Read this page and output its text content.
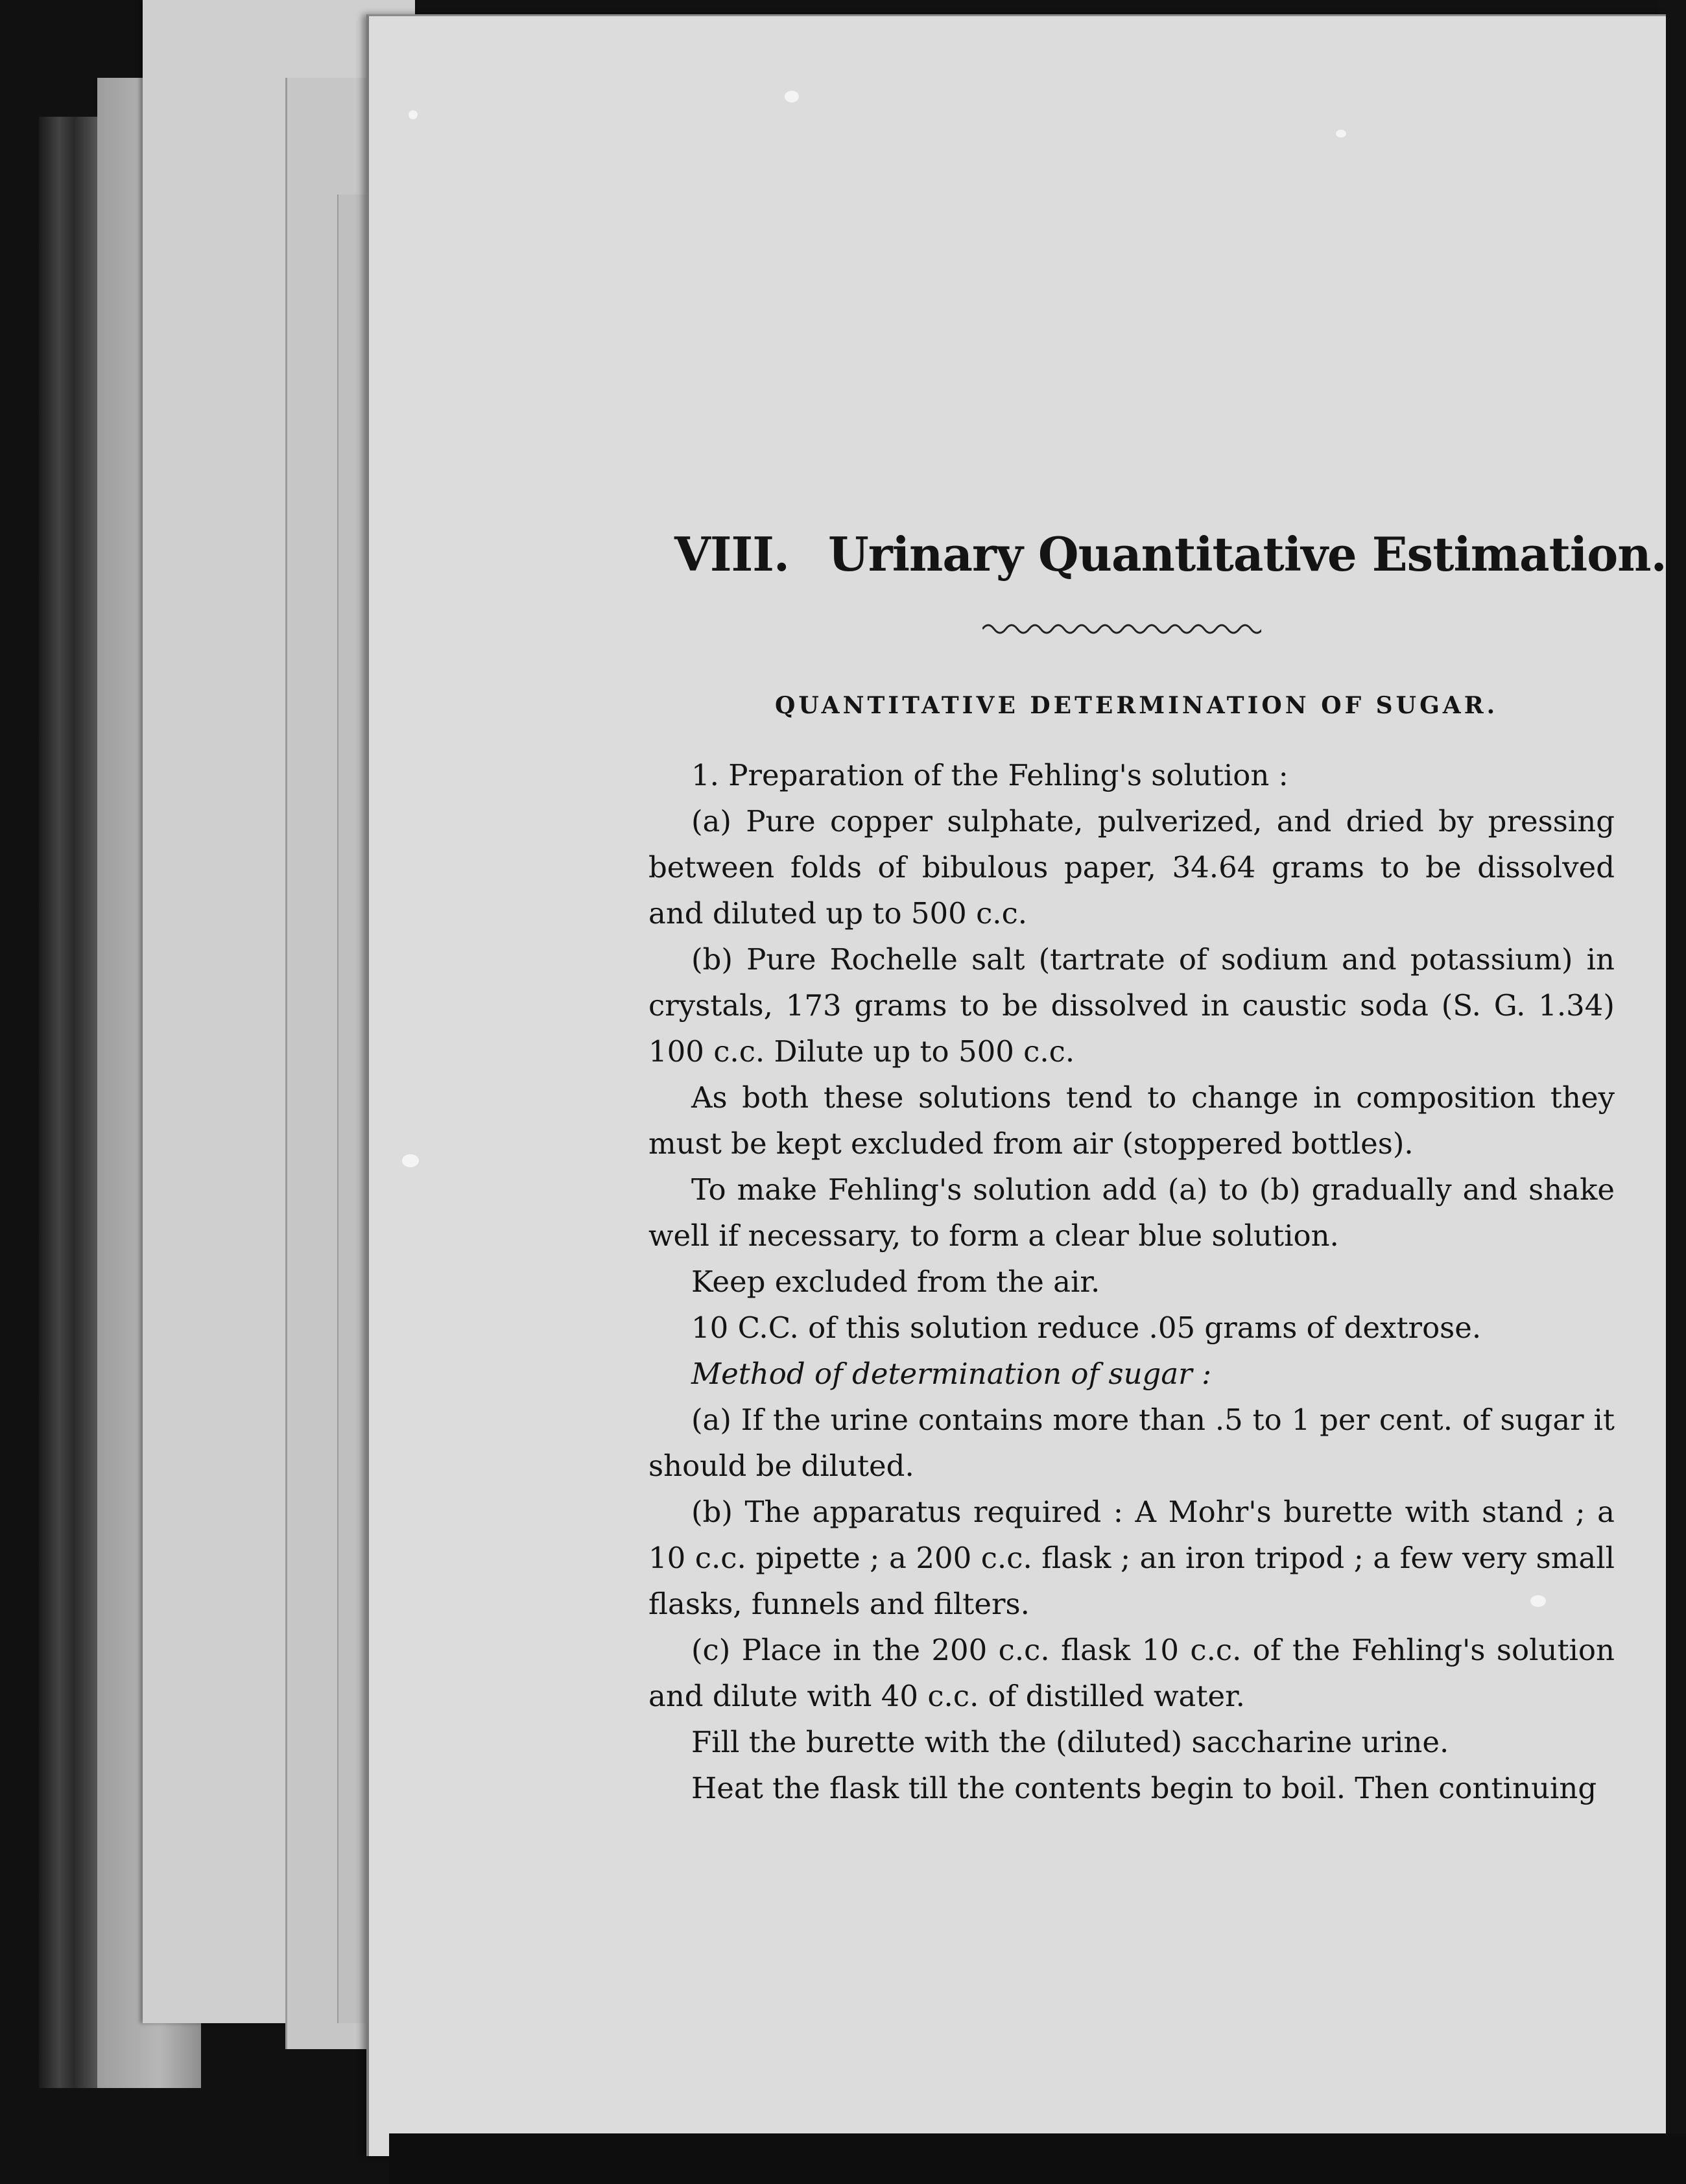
VIII. Urinary Quantitative Estimation.
QUANTITATIVE DETERMINATION OF SUGAR.

1. Preparation of the Fehling's solution :

(a) Pure copper sulphate, pulverized, and dried by pressing between folds of bibulous paper, 34.64 grams to be dissolved and diluted up to 500 c.c.

(b) Pure Rochelle salt (tartrate of sodium and potassium) in crystals, 173 grams to be dissolved in caustic soda (S. G. 1.34) 100 c.c. Dilute up to 500 c.c.

As both these solutions tend to change in composition they must be kept excluded from air (stoppered bottles).

To make Fehling's solution add (a) to (b) gradually and shake well if necessary, to form a clear blue solution.

Keep excluded from the air.

10 C.C. of this solution reduce .05 grams of dextrose.

Method of determination of sugar :

(a) If the urine contains more than .5 to 1 per cent. of sugar it should be diluted.

(b) The apparatus required : A Mohr's burette with stand ; a 10 c.c. pipette ; a 200 c.c. flask ; an iron tripod ; a few very small flasks, funnels and filters.

(c) Place in the 200 c.c. flask 10 c.c. of the Fehling's solution and dilute with 40 c.c. of distilled water.

Fill the burette with the (diluted) saccharine urine.

Heat the flask till the contents begin to boil. Then continuing
